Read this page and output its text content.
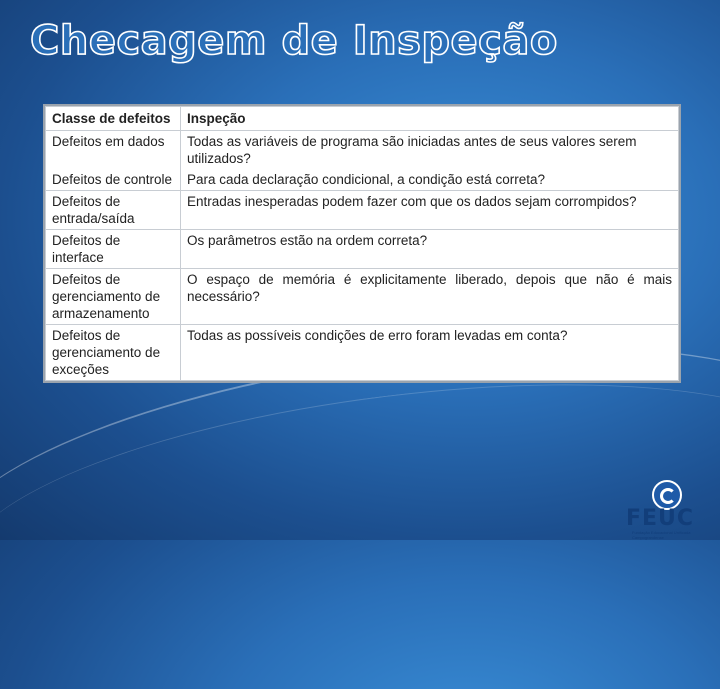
Checagem de Inspeção
Classe de defeitos	Inspeção
Defeitos em dados	Todas as variáveis de programa são iniciadas antes de seus valores serem utilizados?
Defeitos de controle	Para cada declaração condicional, a condição está correta?
Defeitos de entrada/saída	Entradas inesperadas podem fazer com que os dados sejam corrompidos?
Defeitos de interface	Os parâmetros estão na ordem correta?
Defeitos de gerenciamento de armazenamento	O espaço de memória é explicitamente liberado, depois que não é mais necessário?
Defeitos de gerenciamento de exceções	Todas as possíveis condições de erro foram levadas em conta?
FEUC
Fundação Educacional Unificada Campograndense
